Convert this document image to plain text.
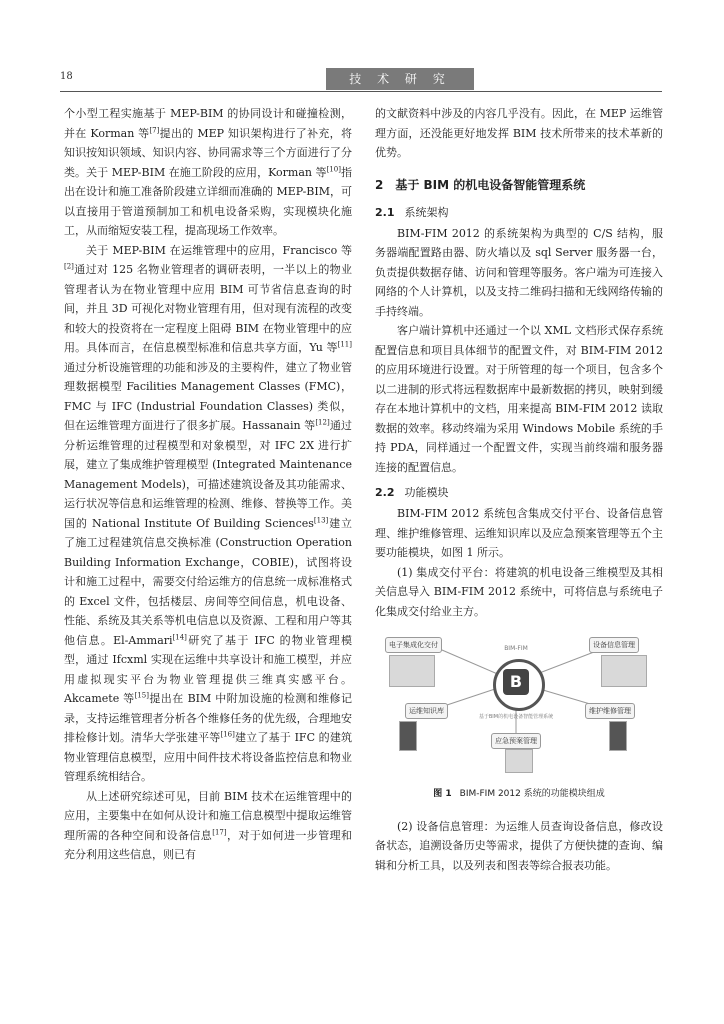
18	技 术 研 究

个小型工程实施基于 MEP-BIM 的协同设计和碰撞检测，并在 Korman 等[7]提出的 MEP 知识架构进行了补充，将知识按知识领域、知识内容、协同需求等三个方面进行了分类。关于 MEP-BIM 在施工阶段的应用，Korman 等[10]指出在设计和施工准备阶段建立详细而准确的 MEP-BIM，可以直接用于管道预制加工和机电设备采购，实现模块化施工，从而缩短安装工程，提高现场工作效率。

关于 MEP-BIM 在运维管理中的应用，Francisco 等[2]通过对 125 名物业管理者的调研表明，一半以上的物业管理者认为在物业管理中应用 BIM 可节省信息查询的时间，并且 3D 可视化对物业管理有用，但对现有流程的改变和较大的投资将在一定程度上阻碍 BIM 在物业管理中的应用。具体而言，在信息模型标准和信息共享方面，Yu 等[11]通过分析设施管理的功能和涉及的主要构件，建立了物业管理数据模型 Facilities Management Classes (FMC)，FMC 与 IFC (Industrial Foundation Classes) 类似，但在运维管理方面进行了很多扩展。Hassanain 等[12]通过分析运维管理的过程模型和对象模型，对 IFC 2X 进行扩展，建立了集成维护管理模型 (Integrated Maintenance Management Models)，可描述建筑设备及其功能需求、运行状况等信息和运维管理的检测、维修、替换等工作。美国的 National Institute Of Building Sciences[13]建立了施工过程建筑信息交换标准 (Construction Operation Building Information Exchange，COBIE)，试图将设计和施工过程中，需要交付给运维方的信息统一成标准格式的 Excel 文件，包括楼层、房间等空间信息，机电设备、性能、系统及其关系等机电信息以及资源、工程和用户等其他信息。El-Ammari[14]研究了基于 IFC 的物业管理模型，通过 Ifcxml 实现在运维中共享设计和施工模型，并应用虚拟现实平台为物业管理提供三维真实感平台。Akcamete 等[15]提出在 BIM 中附加设施的检测和维修记录，支持运维管理者分析各个维修任务的优先级，合理地安排检修计划。清华大学张建平等[16]建立了基于 IFC 的建筑物业管理信息模型，应用中间件技术将设备监控信息和物业管理系统相结合。

从上述研究综述可见，目前 BIM 技术在运维管理中的应用，主要集中在如何从设计和施工信息模型中提取运维管理所需的各种空间和设备信息[17]，对于如何进一步管理和充分利用这些信息，则已有

的文献资料中涉及的内容几乎没有。因此，在 MEP 运维管理方面，还没能更好地发挥 BIM 技术所带来的技术革新的优势。

2　基于 BIM 的机电设备智能管理系统
2.1 系统架构

BIM-FIM 2012 的系统架构为典型的 C/S 结构，服务器端配置路由器、防火墙以及 sql Server 服务器一台，负责提供数据存储、访问和管理等服务。客户端为可连接入网络的个人计算机，以及支持二维码扫描和无线网络传输的手持终端。

客户端计算机中还通过一个以 XML 文档形式保存系统配置信息和项目具体细节的配置文件，对 BIM-FIM 2012 的应用环境进行设置。对于所管理的每一个项目，包含多个以二进制的形式将远程数据库中最新数据的拷贝，映射到缓存在本地计算机中的文档，用来提高 BIM-FIM 2012 读取数据的效率。移动终端为采用 Windows Mobile 系统的手持 PDA，同样通过一个配置文件，实现当前终端和服务器连接的配置信息。

2.2 功能模块

BIM-FIM 2012 系统包含集成交付平台、设备信息管理、维护维修管理、运维知识库以及应急预案管理等五个主要功能模块，如图 1 所示。

(1) 集成交付平台：将建筑的机电设备三维模型及其相关信息导入 BIM-FIM 2012 系统中，可将信息与系统电子化集成交付给业主方。

BIM-FIM
B
基于BIM的机电设备智能管理系统
电子集成化交付	设备信息管理
运维知识库	维护维修管理
应急预案管理
图 1 BIM-FIM 2012 系统的功能模块组成

(2) 设备信息管理：为运维人员查询设备信息，修改设备状态，追溯设备历史等需求，提供了方便快捷的查询、编辑和分析工具，以及列表和图表等综合报表功能。
